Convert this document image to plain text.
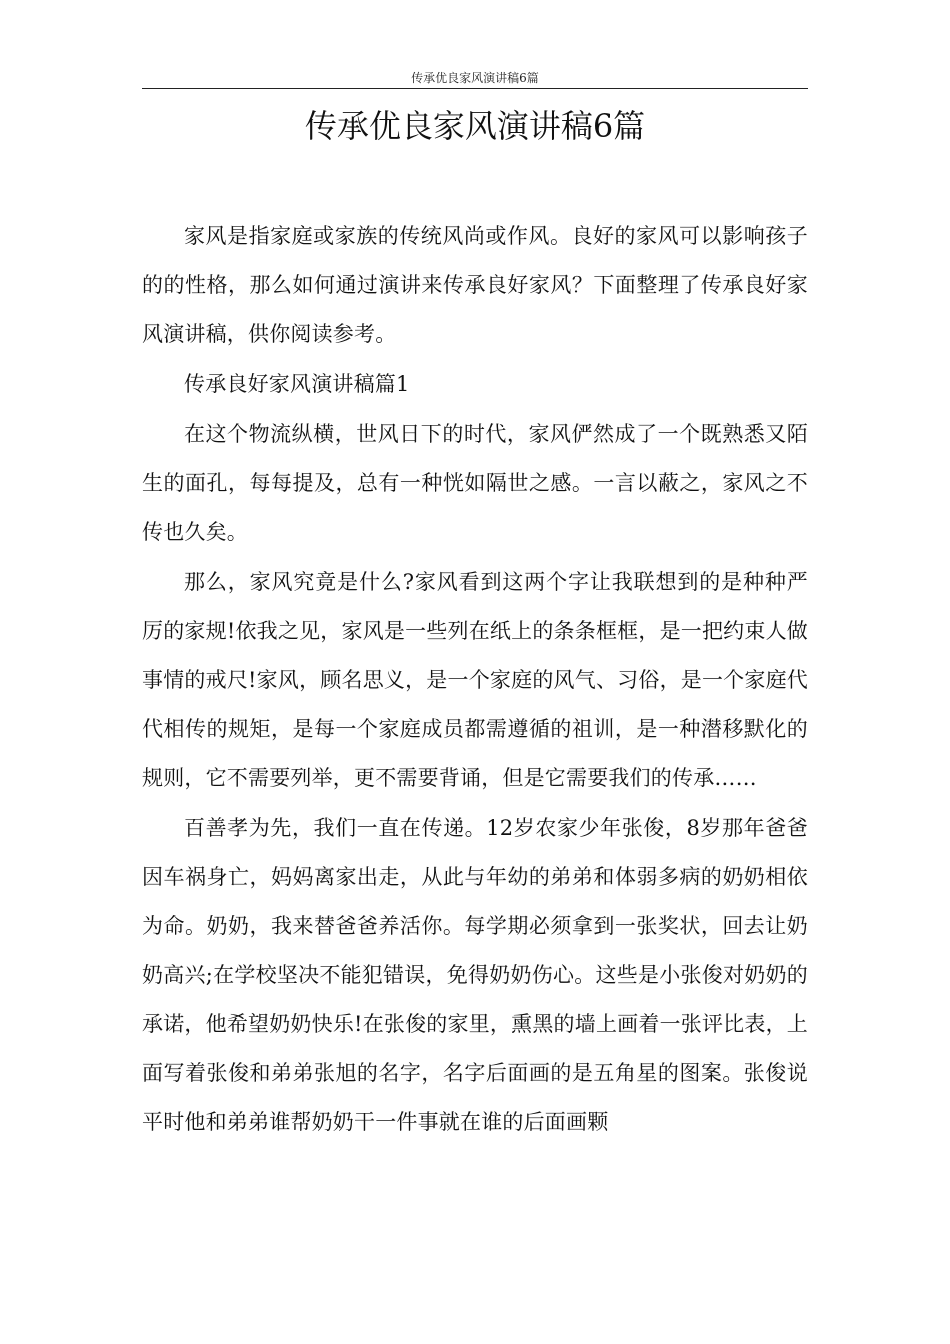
传承优良家风演讲稿6篇
传承优良家风演讲稿6篇

家风是指家庭或家族的传统风尚或作风。良好的家风可以影响孩子的的性格，那么如何通过演讲来传承良好家风？下面整理了传承良好家风演讲稿，供你阅读参考。

传承良好家风演讲稿篇1

在这个物流纵横，世风日下的时代，家风俨然成了一个既熟悉又陌生的面孔，每每提及，总有一种恍如隔世之感。一言以蔽之，家风之不传也久矣。

那么，家风究竟是什么?家风看到这两个字让我联想到的是种种严厉的家规!依我之见，家风是一些列在纸上的条条框框，是一把约束人做事情的戒尺!家风，顾名思义，是一个家庭的风气、习俗，是一个家庭代代相传的规矩，是每一个家庭成员都需遵循的祖训，是一种潜移默化的规则，它不需要列举，更不需要背诵，但是它需要我们的传承……

百善孝为先，我们一直在传递。12岁农家少年张俊，8岁那年爸爸因车祸身亡，妈妈离家出走，从此与年幼的弟弟和体弱多病的奶奶相依为命。奶奶，我来替爸爸养活你。每学期必须拿到一张奖状，回去让奶奶高兴;在学校坚决不能犯错误，免得奶奶伤心。这些是小张俊对奶奶的承诺，他希望奶奶快乐!在张俊的家里，熏黑的墙上画着一张评比表，上面写着张俊和弟弟张旭的名字，名字后面画的是五角星的图案。张俊说平时他和弟弟谁帮奶奶干一件事就在谁的后面画颗
